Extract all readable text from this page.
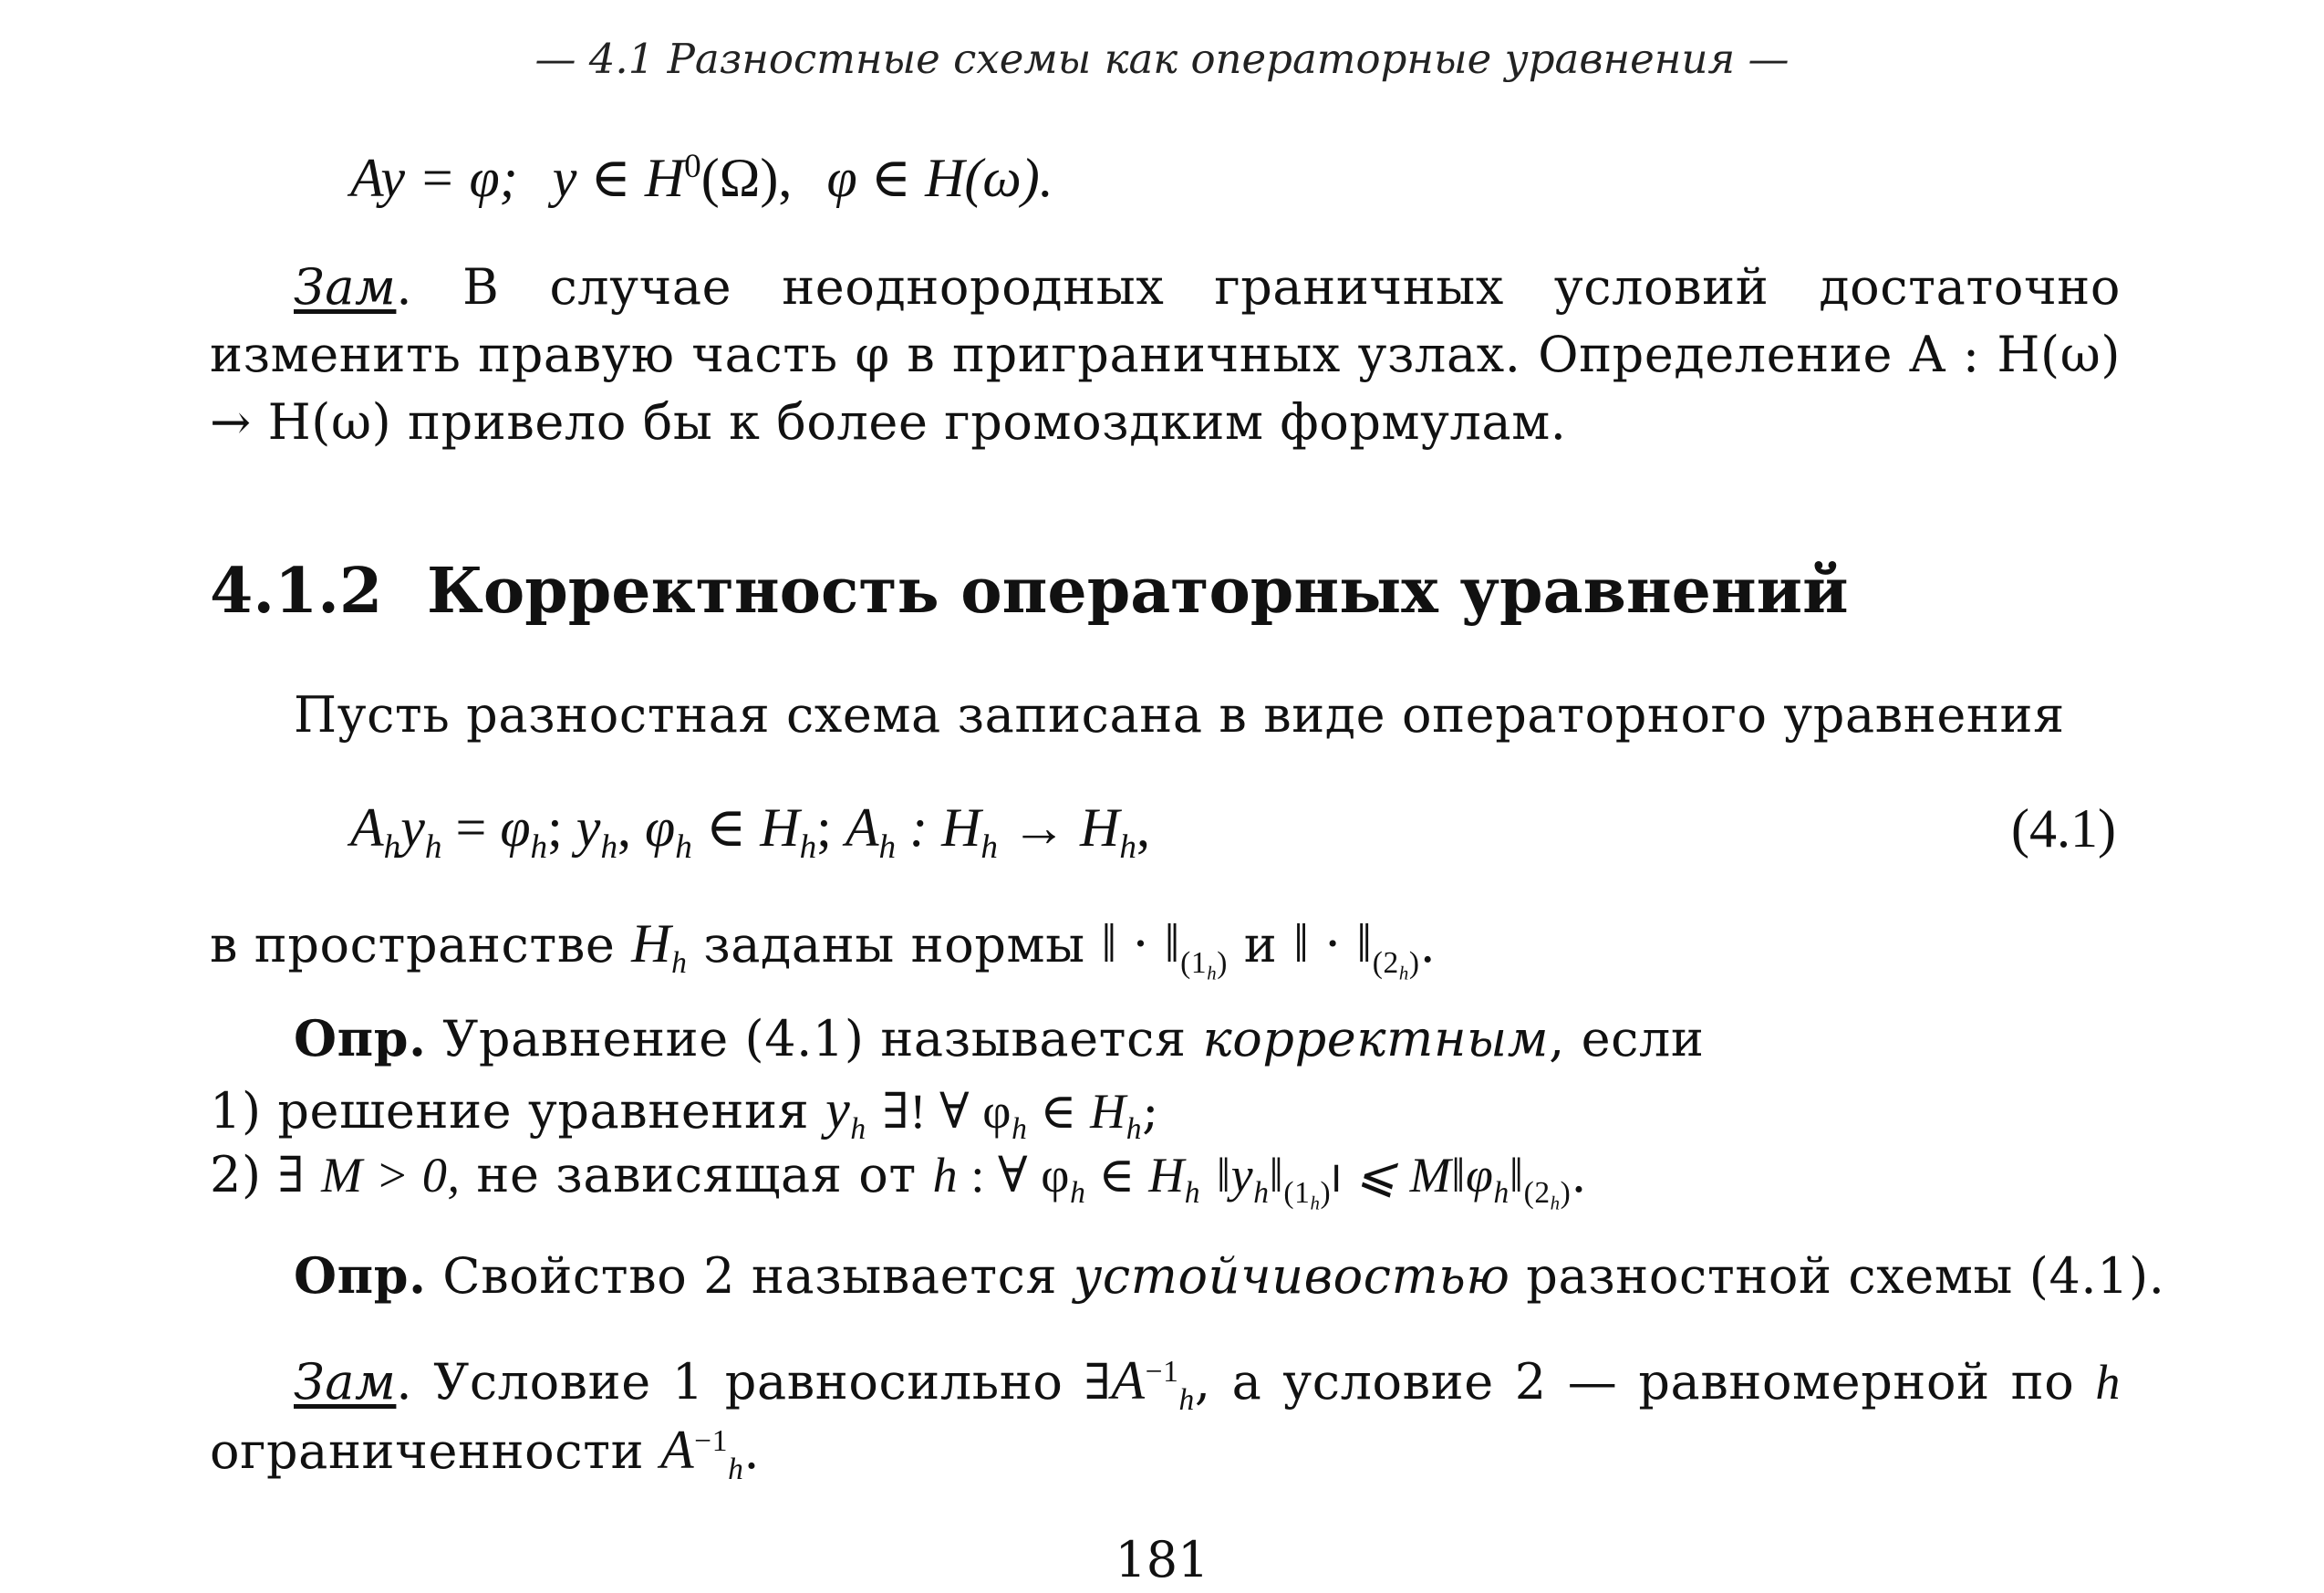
— 4.1 Разностные схемы как операторные уравнения —
Ay = φ; y ∈ $H^0(\Omega)$, φ ∈ H(ω).
Зам. В случае неоднородных граничных условий достаточно изменить правую часть φ в приграничных узлах. Определение A : H(ω) → H(ω) привело бы к более громоздким формулам.
4.1.2 Корректность операторных уравнений
Пусть разностная схема записана в виде операторного уравнения
$A_hy_h = \varphi_h$; $y_h$, $\varphi_h$ ∈ $H_h$; $A_h$ : $H_h \to H_h$,	(4.1)
в пространстве $H_h$ заданы нормы ‖ · $‖_{(1_h)}$ и ‖ · $‖_{(2_h)}$.
Опр. Уравнение (4.1) называется корректным, если
1) решение уравнения $y_h$ ∃! ∀ $\varphi_h$ ∈ $H_h$;
2) ∃ M > 0, не зависящая от h : ∀ $\varphi_h$ ∈ $H_h$ $‖y_h‖_{(1_h)}I$ ⩽ $M‖\varphi_h‖_{(2_h)}$.
Опр. Свойство 2 называется устойчивостью разностной схемы (4.1).
Зам. Условие 1 равносильно $\exists A^{-1}_h$, а условие 2 — равномерной по h ограниченности $A^{-1}_h$.
181
